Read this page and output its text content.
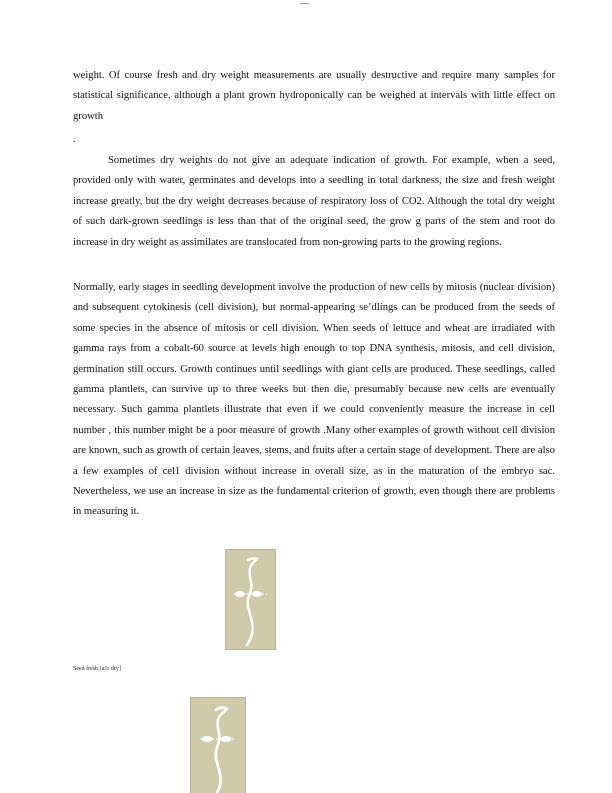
weight. Of course fresh and dry weight measurements are usually destructive and require many samples for statistical significance, although a plant grown hydroponically can be weighed at intervals with little effect on growth
.
Sometimes dry weights do not give an adequate indication of growth. For example, when a seed, provided only with water, germinates and develops into a seedling in total darkness, the size and fresh weight increase greatly, but the dry weight decreases because of respiratory loss of CO2. Although the total dry weight of such dark-grown seedlings is less than that of the original seed, the grow g parts of the stem and root do increase in dry weight as assimilates are translocated from non-growing parts to the growing regions.
Normally, early stages in seedling development involve the production of new cells by mitosis (nuclear division) and subsequent cytokinesis (cell division), but normal-appearing se’dlings can be produced from the seeds of some species in the absence of mitosis or cell division. When seeds of lettuce and wheat are irradiated with gamma rays from a cobalt-60 source at levels high enough to top DNA synthesis, mitosis, and cell division, germination still occurs. Growth continues until seedlings with giant cells are produced. These seedlings, called gamma plantlets, can survive up to three weeks but then die, presumably because new cells are eventually necessary. Such gamma plantlets illustrate that even if we could conveniently measure the increase in cell number , this number might be a poor measure of growth .Many other examples of growth without cell division are known, such as growth of certain leaves, stems, and fruits after a certain stage of development. There are also a few examples of cel1 division without increase in overall size, as in the maturation of the embryo sac. Nevertheless, we use an increase in size as the fundamental criterion of growth, even though there are problems in measuring it.
Seed fresh (a1r dry]
